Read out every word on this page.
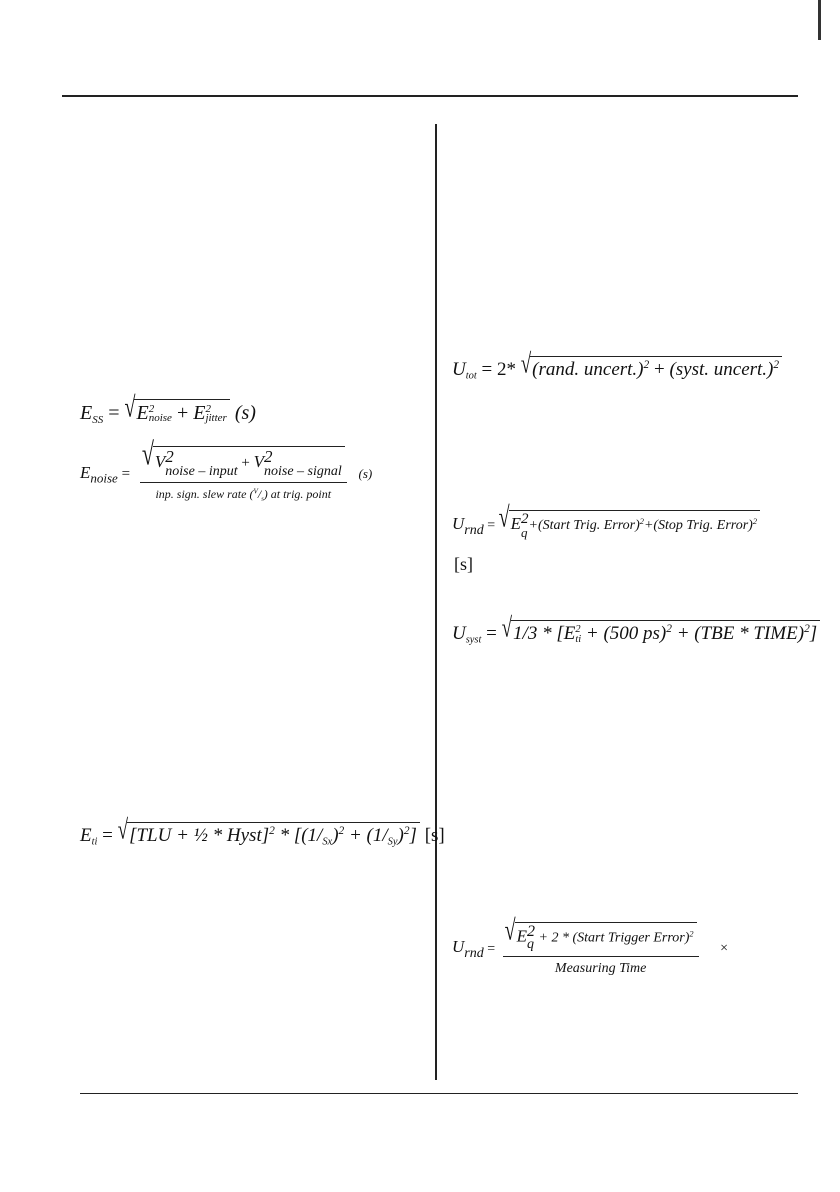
$E_{SS} = √E$ 2
noise + E 2
jitter (s)
Enoise = √V 2
noise – input
+ V 2
noise – signal
inp. sign. slew rate $(^V/_s)$ at trig. point (s)
$E_{ti} = √[TLU$ + ½ * Hyst]$^2$ * $[(1/_{Sx})^2 + (1/_{Sy})^2]$ [s]
$U_{tot} = 2*$ √(rand. uncert.)$^2$ + (syst. uncert.)$^2$
Urnd = √E 2
q +(Start Trig. Error)$^2$+(Stop Trig. Error)$^2$
[s]
$U_{syst} = √1/3 * [E$ 2
ti + (500 ps)$^2$ + (TBE * TIME)$^2$]
Urnd = √E 2
q + 2 * (Start Trigger Error)$^2$
Measuring Time ×
